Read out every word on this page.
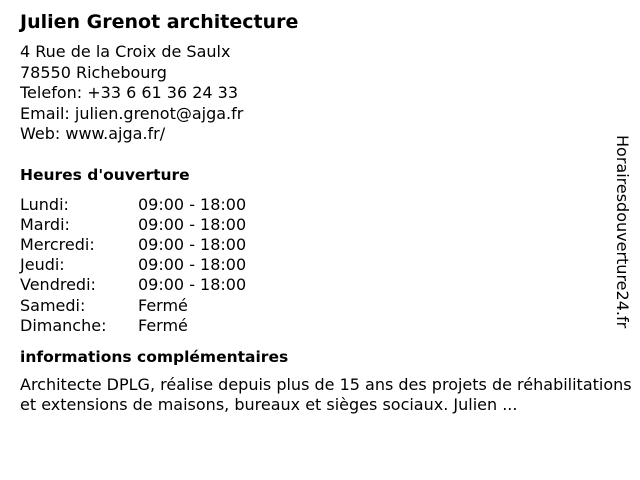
Julien Grenot architecture
4 Rue de la Croix de Saulx
78550 Richebourg
Telefon: +33 6 61 36 24 33
Email: julien.grenot@ajga.fr
Web: www.ajga.fr/
Heures d'ouverture
Lundi:	09:00 - 18:00
Mardi:	09:00 - 18:00
Mercredi:	09:00 - 18:00
Jeudi:	09:00 - 18:00
Vendredi:	09:00 - 18:00
Samedi:	Fermé
Dimanche:	Fermé
informations complémentaires
Architecte DPLG, réalise depuis plus de 15 ans des projets de réhabilitations et extensions de maisons, bureaux et sièges sociaux. Julien ...
Horairesdouverture24.fr
